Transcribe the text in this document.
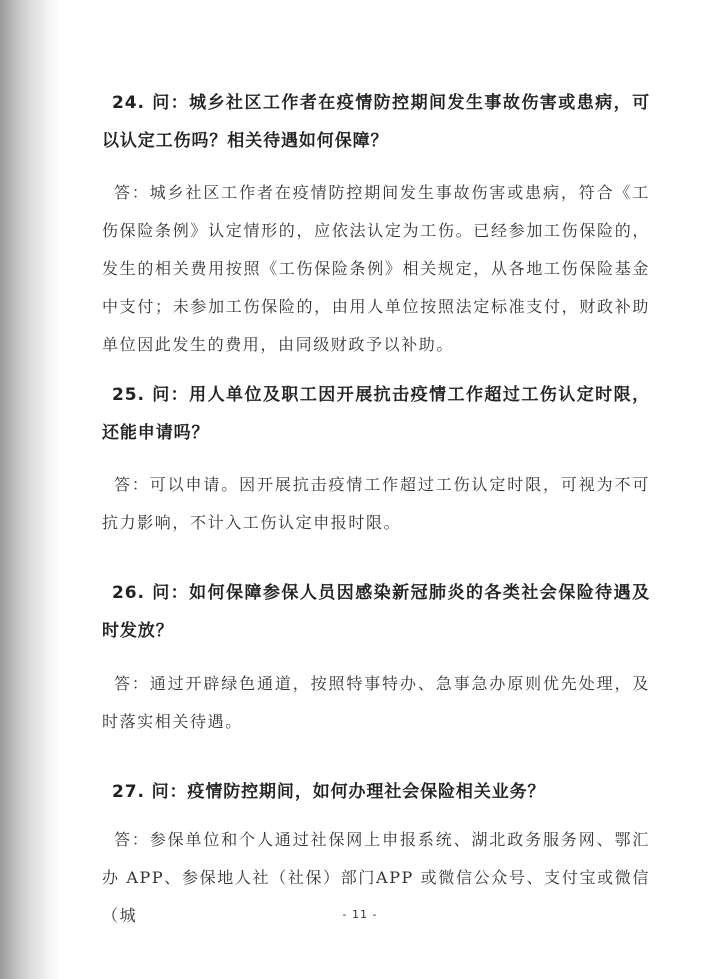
24. 问：城乡社区工作者在疫情防控期间发生事故伤害或患病，可以认定工伤吗？相关待遇如何保障？

答：城乡社区工作者在疫情防控期间发生事故伤害或患病，符合《工伤保险条例》认定情形的，应依法认定为工伤。已经参加工伤保险的，发生的相关费用按照《工伤保险条例》相关规定，从各地工伤保险基金中支付；未参加工伤保险的，由用人单位按照法定标准支付，财政补助单位因此发生的费用，由同级财政予以补助。

25. 问：用人单位及职工因开展抗击疫情工作超过工伤认定时限，还能申请吗？

答：可以申请。因开展抗击疫情工作超过工伤认定时限，可视为不可抗力影响，不计入工伤认定申报时限。

26. 问：如何保障参保人员因感染新冠肺炎的各类社会保险待遇及时发放？

答：通过开辟绿色通道，按照特事特办、急事急办原则优先处理，及时落实相关待遇。

27. 问：疫情防控期间，如何办理社会保险相关业务？

答：参保单位和个人通过社保网上申报系统、湖北政务服务网、鄂汇办 APP、参保地人社（社保）部门APP 或微信公众号、支付宝或微信（城	- 11 -
